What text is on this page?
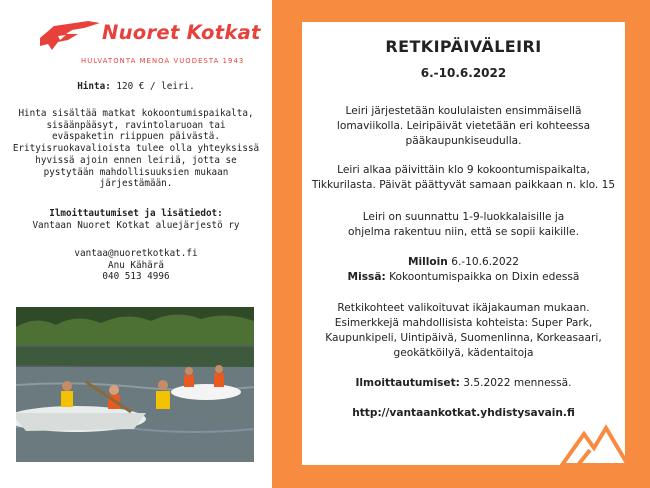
Nuoret Kotkat
HULVATONTA MENOA VUODESTA 1943
Hinta: 120 € / leiri.
Hinta sisältää matkat kokoontumispaikalta,
sisäänpääsyt, ravintolaruoan tai
eväspaketin riippuen päivästä.
Erityisruokavalioista tulee olla yhteyksissä
hyvissä ajoin ennen leiriä, jotta se
pystytään mahdollisuuksien mukaan
järjestämään.
Ilmoittautumiset ja lisätiedot:
Vantaan Nuoret Kotkat aluejärjestö ry
vantaa@nuoretkotkat.fi
Anu Kähärä
040 513 4996
RETKIPÄIVÄLEIRI
6.-10.6.2022
Leiri järjestetään koululaisten ensimmäisellä
lomaviikolla. Leiripäivät vietetään eri kohteessa
pääkaupunkiseudulla.
Leiri alkaa päivittäin klo 9 kokoontumispaikalta,
Tikkurilasta. Päivät päättyvät samaan paikkaan n. klo. 15
Leiri on suunnattu 1-9-luokkalaisille ja
ohjelma rakentuu niin, että se sopii kaikille.
Milloin 6.-10.6.2022
Missä: Kokoontumispaikka on Dixin edessä
Retkikohteet valikoituvat ikäjakauman mukaan.
Esimerkkejä mahdollisista kohteista: Super Park,
Kaupunkipeli, Uintipäivä, Suomenlinna, Korkeasaari,
geokätköilyä, kädentaitoja
Ilmoittautumiset: 3.5.2022 mennessä.
http://vantaankotkat.yhdistysavain.fi
